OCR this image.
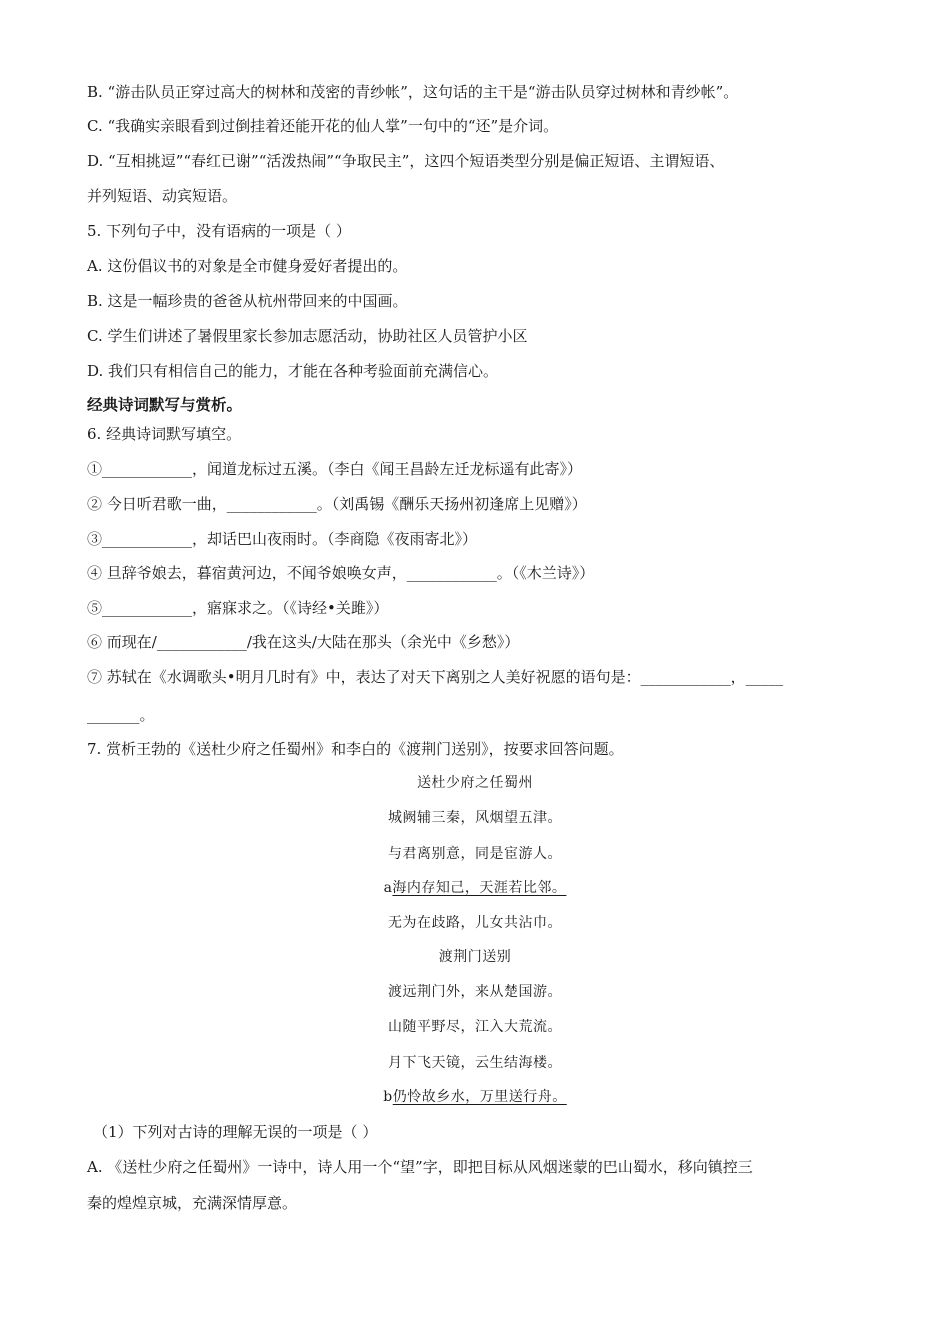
B. “游击队员正穿过高大的树林和茂密的青纱帐”，这句话的主干是“游击队员穿过树林和青纱帐”。
C. “我确实亲眼看到过倒挂着还能开花的仙人掌”一句中的“还”是介词。
D. “互相挑逗”“春红已谢”“活泼热闹”“争取民主”，这四个短语类型分别是偏正短语、主谓短语、
并列短语、动宾短语。
5. 下列句子中，没有语病的一项是（ ）
A. 这份倡议书的对象是全市健身爱好者提出的。
B. 这是一幅珍贵的爸爸从杭州带回来的中国画。
C. 学生们讲述了暑假里家长参加志愿活动，协助社区人员管护小区
D. 我们只有相信自己的能力，才能在各种考验面前充满信心。
经典诗词默写与赏析。
6. 经典诗词默写填空。
①____________，闻道龙标过五溪。（李白《闻王昌龄左迁龙标遥有此寄》）
② 今日听君歌一曲，____________。（刘禹锡《酬乐天扬州初逢席上见赠》）
③____________，却话巴山夜雨时。（李商隐《夜雨寄北》）
④ 旦辞爷娘去，暮宿黄河边，不闻爷娘唤女声，____________。（《木兰诗》）
⑤____________，寤寐求之。（《诗经•关雎》）
⑥ 而现在/____________/我在这头/大陆在那头（余光中《乡愁》）
⑦ 苏轼在《水调歌头•明月几时有》中，表达了对天下离别之人美好祝愿的语句是：____________，_____
_______。
7. 赏析王勃的《送杜少府之任蜀州》和李白的《渡荆门送别》，按要求回答问题。
送杜少府之任蜀州
城阙辅三秦，风烟望五津。
与君离别意，同是宦游人。
a海内存知己，天涯若比邻。
无为在歧路，儿女共沾巾。
渡荆门送别
渡远荆门外，来从楚国游。
山随平野尽，江入大荒流。
月下飞天镜，云生结海楼。
b仍怜故乡水，万里送行舟。
（1）下列对古诗的理解无误的一项是（ ）
A. 《送杜少府之任蜀州》一诗中，诗人用一个“望”字，即把目标从风烟迷蒙的巴山蜀水，移向镇控三
秦的煌煌京城，充满深情厚意。
